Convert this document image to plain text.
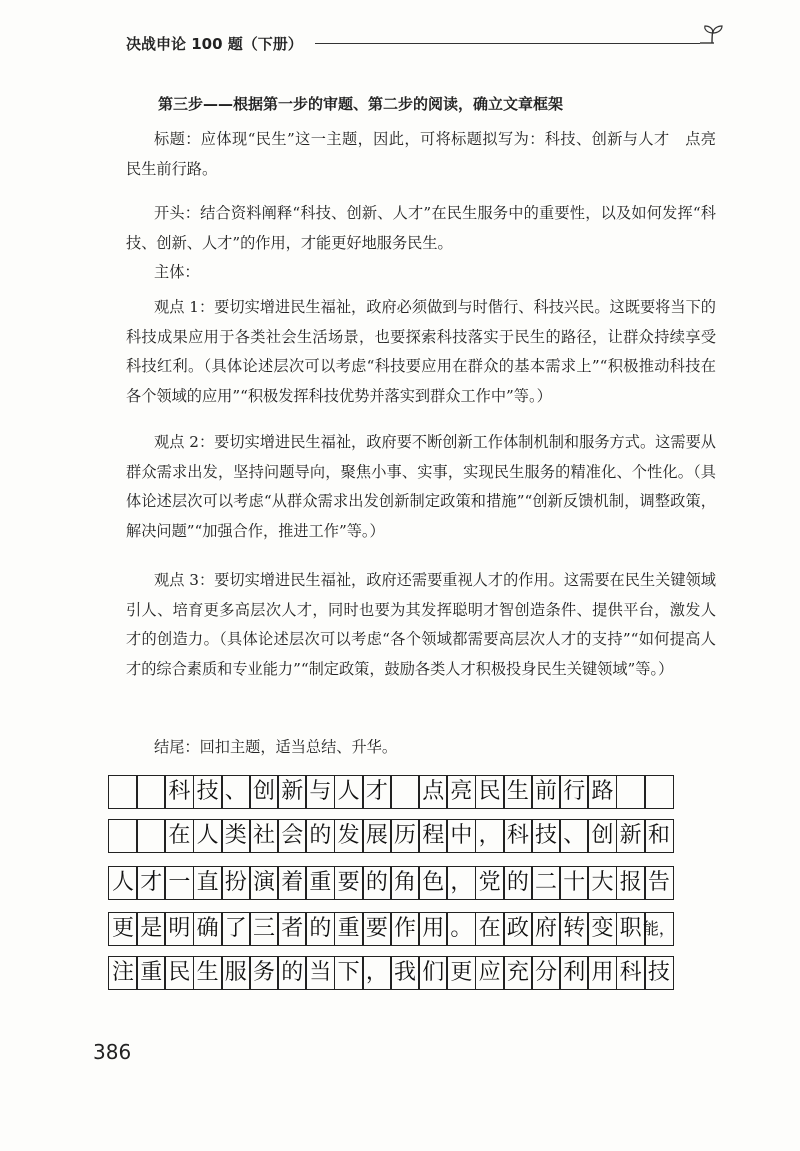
决战申论 100 题（下册）
第三步——根据第一步的审题、第二步的阅读，确立文章框架

标题：应体现“民生”这一主题，因此，可将标题拟写为：科技、创新与人才　点亮民生前行路。

开头：结合资料阐释“科技、创新、人才”在民生服务中的重要性，以及如何发挥“科技、创新、人才”的作用，才能更好地服务民生。

主体：

观点 1：要切实增进民生福祉，政府必须做到与时偕行、科技兴民。这既要将当下的科技成果应用于各类社会生活场景，也要探索科技落实于民生的路径，让群众持续享受科技红利。（具体论述层次可以考虑“科技要应用在群众的基本需求上”“积极推动科技在各个领域的应用”“积极发挥科技优势并落实到群众工作中”等。）

观点 2：要切实增进民生福祉，政府要不断创新工作体制机制和服务方式。这需要从群众需求出发，坚持问题导向，聚焦小事、实事，实现民生服务的精准化、个性化。（具体论述层次可以考虑“从群众需求出发创新制定政策和措施”“创新反馈机制，调整政策，解决问题”“加强合作，推进工作”等。）

观点 3：要切实增进民生福祉，政府还需要重视人才的作用。这需要在民生关键领域引人、培育更多高层次人才，同时也要为其发挥聪明才智创造条件、提供平台，激发人才的创造力。（具体论述层次可以考虑“各个领域都需要高层次人才的支持”“如何提高人才的综合素质和专业能力”“制定政策，鼓励各类人才积极投身民生关键领域”等。）

结尾：回扣主题，适当总结、升华。

科 技 、 创 新 与 人 才 点 亮 民 生 前 行 路
在 人 类 社 会 的 发 展 历 程 中 ， 科 技 、 创 新 和
人 才 一 直 扮 演 着 重 要 的 角 色 ， 党 的 二 十 大 报 告
更 是 明 确 了 三 者 的 重 要 作 用 。 在 政 府 转 变 职 能，
注 重 民 生 服 务 的 当 下 ， 我 们 更 应 充 分 利 用 科 技
386
